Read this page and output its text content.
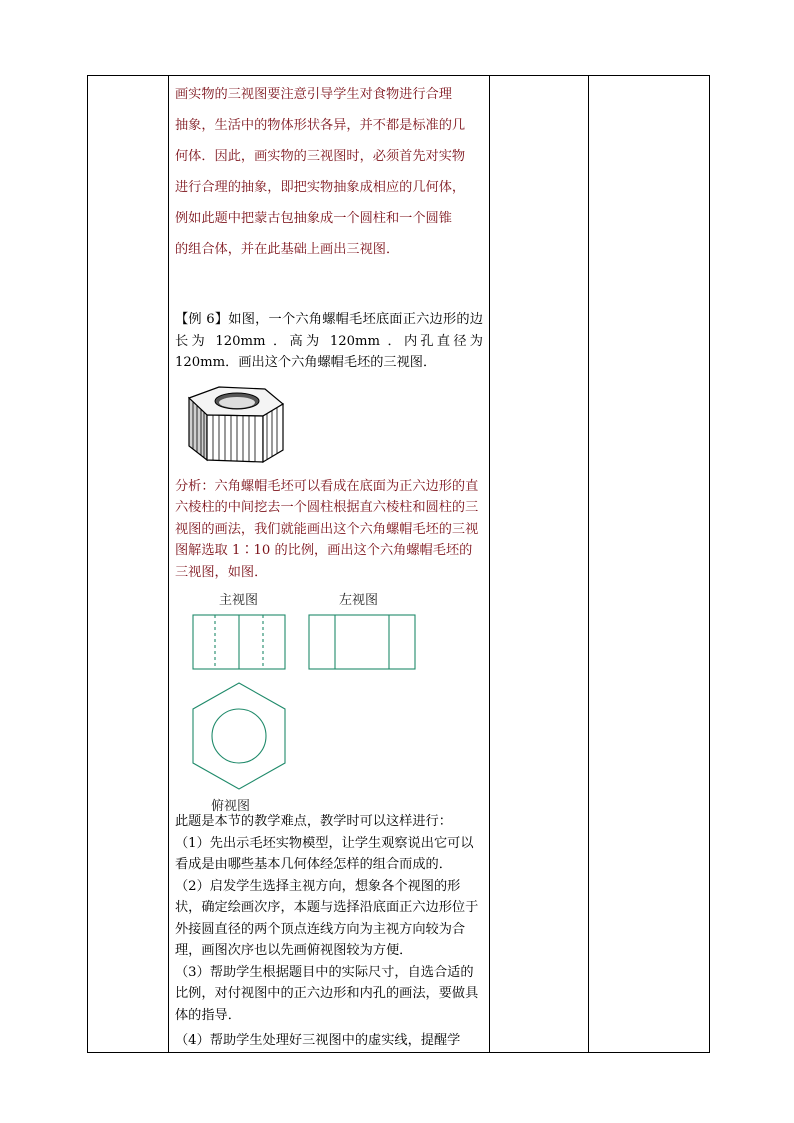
画实物的三视图要注意引导学生对食物进行合理

抽象，生活中的物体形状各异，并不都是标准的几

何体．因此，画实物的三视图时，必须首先对实物

进行合理的抽象，即把实物抽象成相应的几何体，

例如此题中把蒙古包抽象成一个圆柱和一个圆锥

的组合体，并在此基础上画出三视图．

【例 6】如图，一个六角螺帽毛坯底面正六边形的边长为 120mm ．高为 120mm ．内孔直径为 120mm．画出这个六角螺帽毛坯的三视图．
分析：六角螺帽毛坯可以看成在底面为正六边形的直六棱柱的中间挖去一个圆柱根据直六棱柱和圆柱的三视图的画法，我们就能画出这个六角螺帽毛坯的三视图解选取 1∶10 的比例，画出这个六角螺帽毛坯的三视图，如图．
主视图	左视图
俯视图

此题是本节的教学难点，教学时可以这样进行：

（1）先出示毛坯实物模型，让学生观察说出它可以看成是由哪些基本几何体经怎样的组合而成的．

（2）启发学生选择主视方向，想象各个视图的形状，确定绘画次序，本题与选择沿底面正六边形位于外接圆直径的两个顶点连线方向为主视方向较为合理，画图次序也以先画俯视图较为方便．

（3）帮助学生根据题目中的实际尺寸，自选合适的比例，对付视图中的正六边形和内孔的画法，要做具体的指导．

（4）帮助学生处理好三视图中的虚实线，提醒学
